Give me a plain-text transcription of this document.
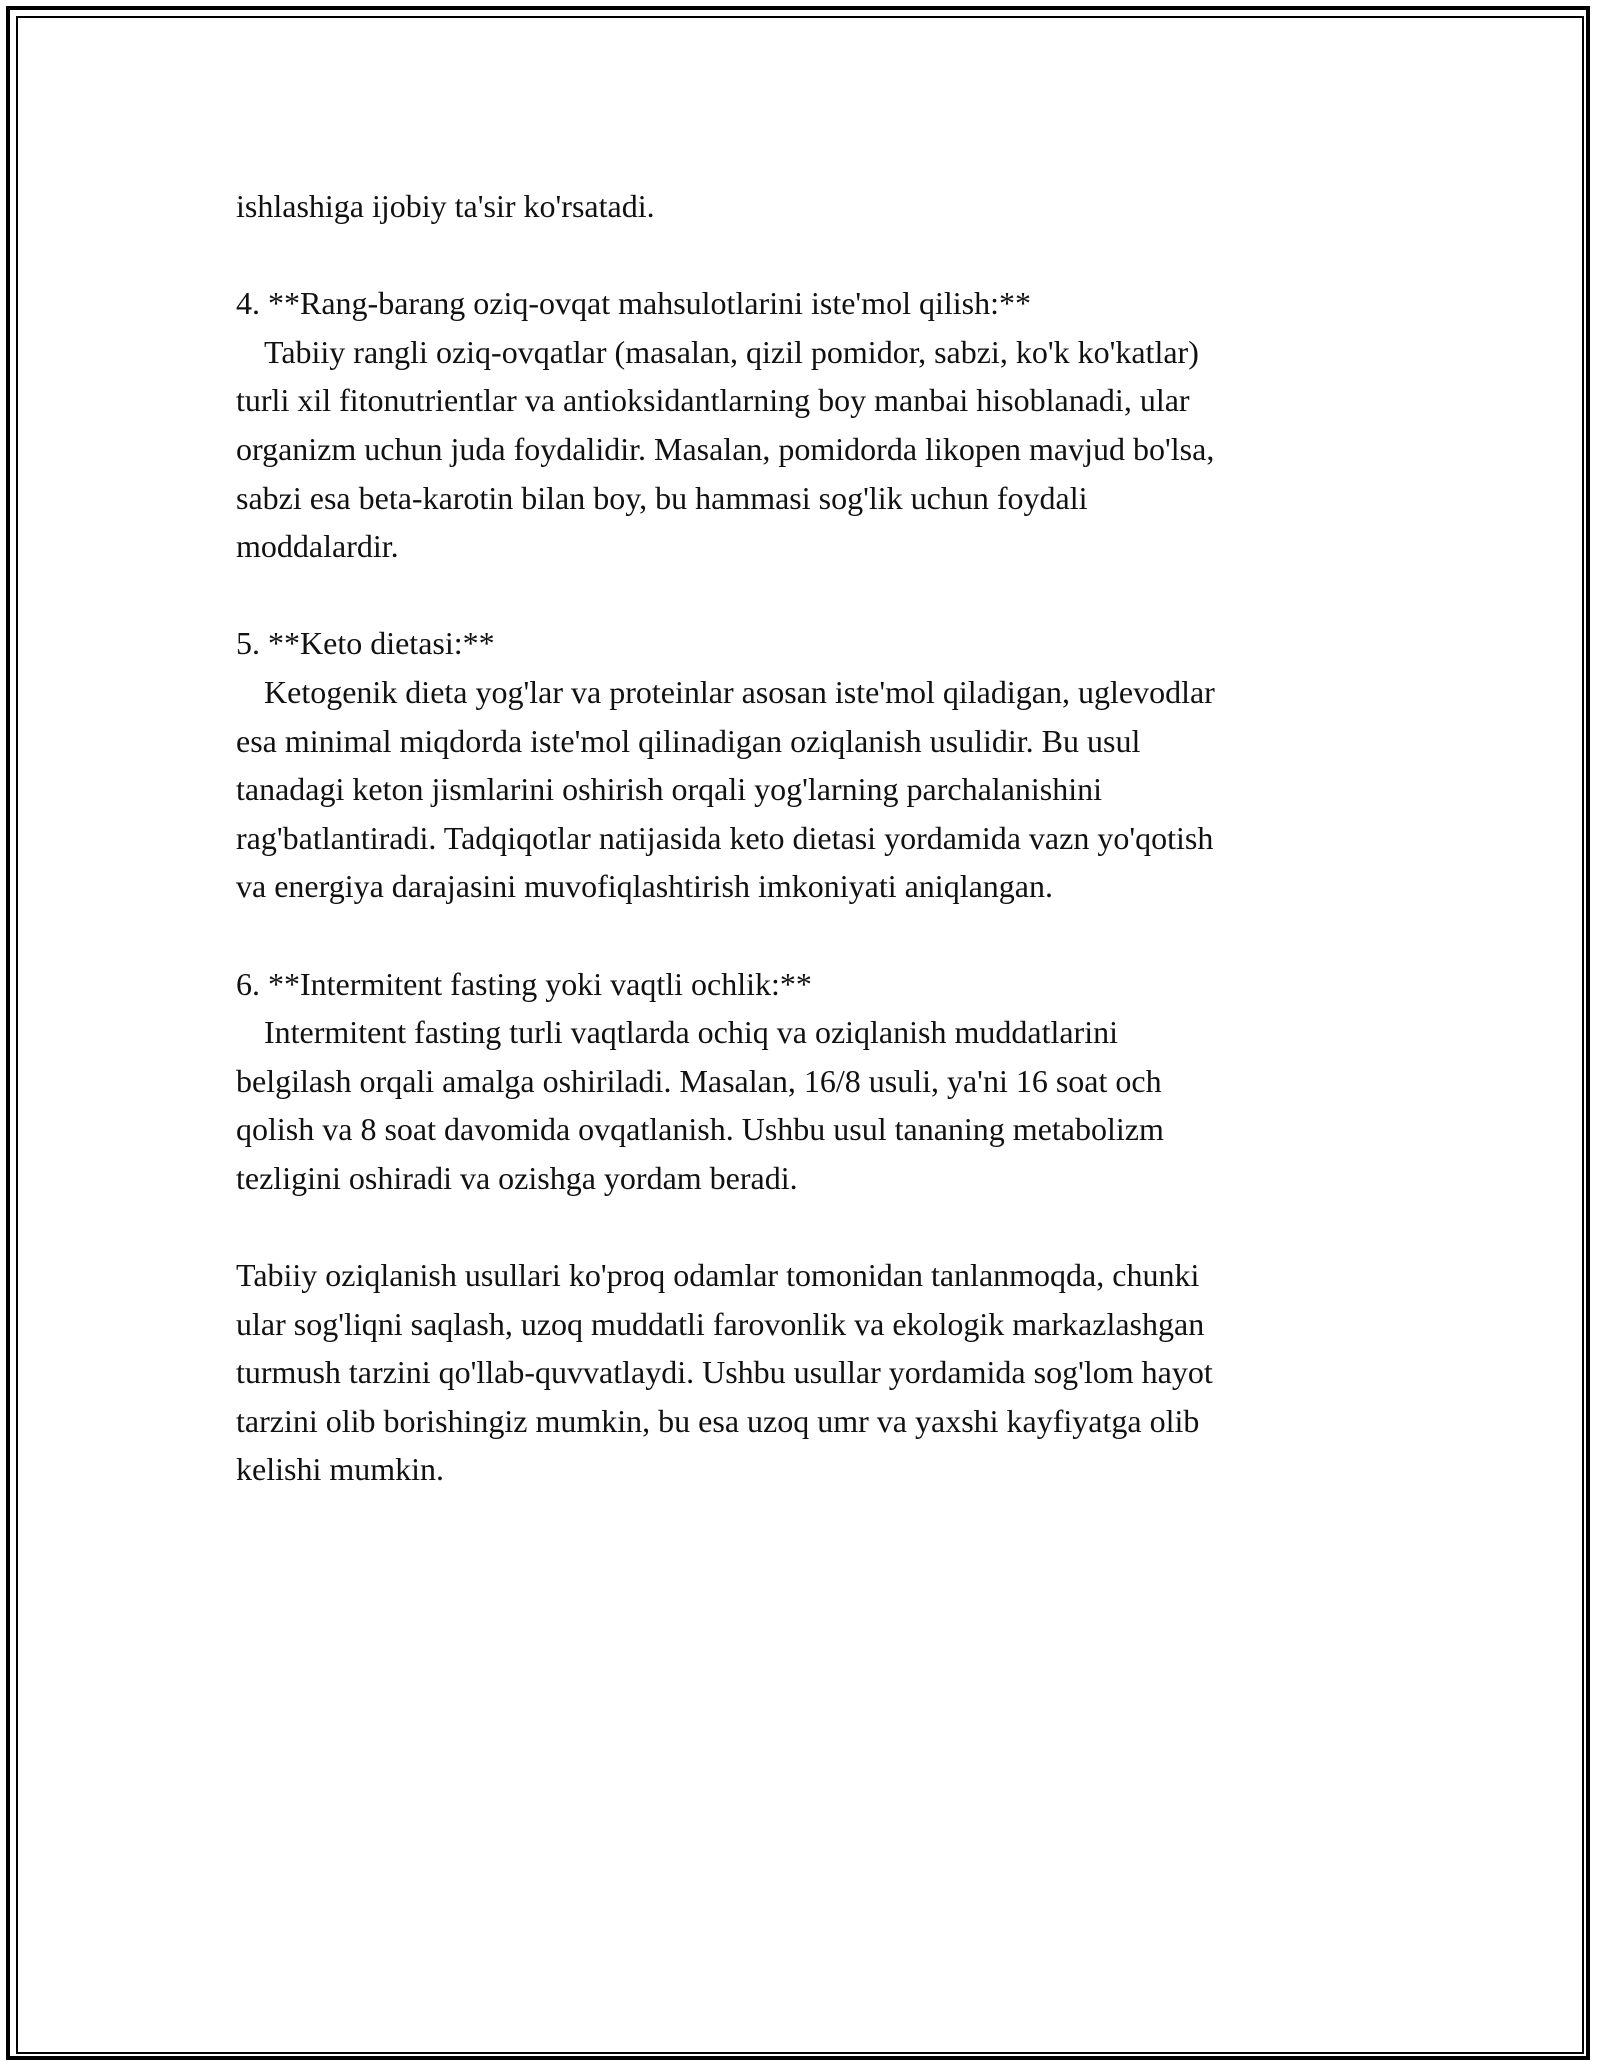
ishlashiga ijobiy ta'sir ko'rsatadi.
4. **Rang-barang oziq-ovqat mahsulotlarini iste'mol qilish:**
Tabiiy rangli oziq-ovqatlar (masalan, qizil pomidor, sabzi, ko'k ko'katlar)
turli xil fitonutrientlar va antioksidantlarning boy manbai hisoblanadi, ular
organizm uchun juda foydalidir. Masalan, pomidorda likopen mavjud bo'lsa,
sabzi esa beta-karotin bilan boy, bu hammasi sog'lik uchun foydali
moddalardir.
5. **Keto dietasi:**
Ketogenik dieta yog'lar va proteinlar asosan iste'mol qiladigan, uglevodlar
esa minimal miqdorda iste'mol qilinadigan oziqlanish usulidir. Bu usul
tanadagi keton jismlarini oshirish orqali yog'larning parchalanishini
rag'batlantiradi. Tadqiqotlar natijasida keto dietasi yordamida vazn yo'qotish
va energiya darajasini muvofiqlashtirish imkoniyati aniqlangan.
6. **Intermitent fasting yoki vaqtli ochlik:**
Intermitent fasting turli vaqtlarda ochiq va oziqlanish muddatlarini
belgilash orqali amalga oshiriladi. Masalan, 16/8 usuli, ya'ni 16 soat och
qolish va 8 soat davomida ovqatlanish. Ushbu usul tananing metabolizm
tezligini oshiradi va ozishga yordam beradi.
Tabiiy oziqlanish usullari ko'proq odamlar tomonidan tanlanmoqda, chunki
ular sog'liqni saqlash, uzoq muddatli farovonlik va ekologik markazlashgan
turmush tarzini qo'llab-quvvatlaydi. Ushbu usullar yordamida sog'lom hayot
tarzini olib borishingiz mumkin, bu esa uzoq umr va yaxshi kayfiyatga olib
kelishi mumkin.
